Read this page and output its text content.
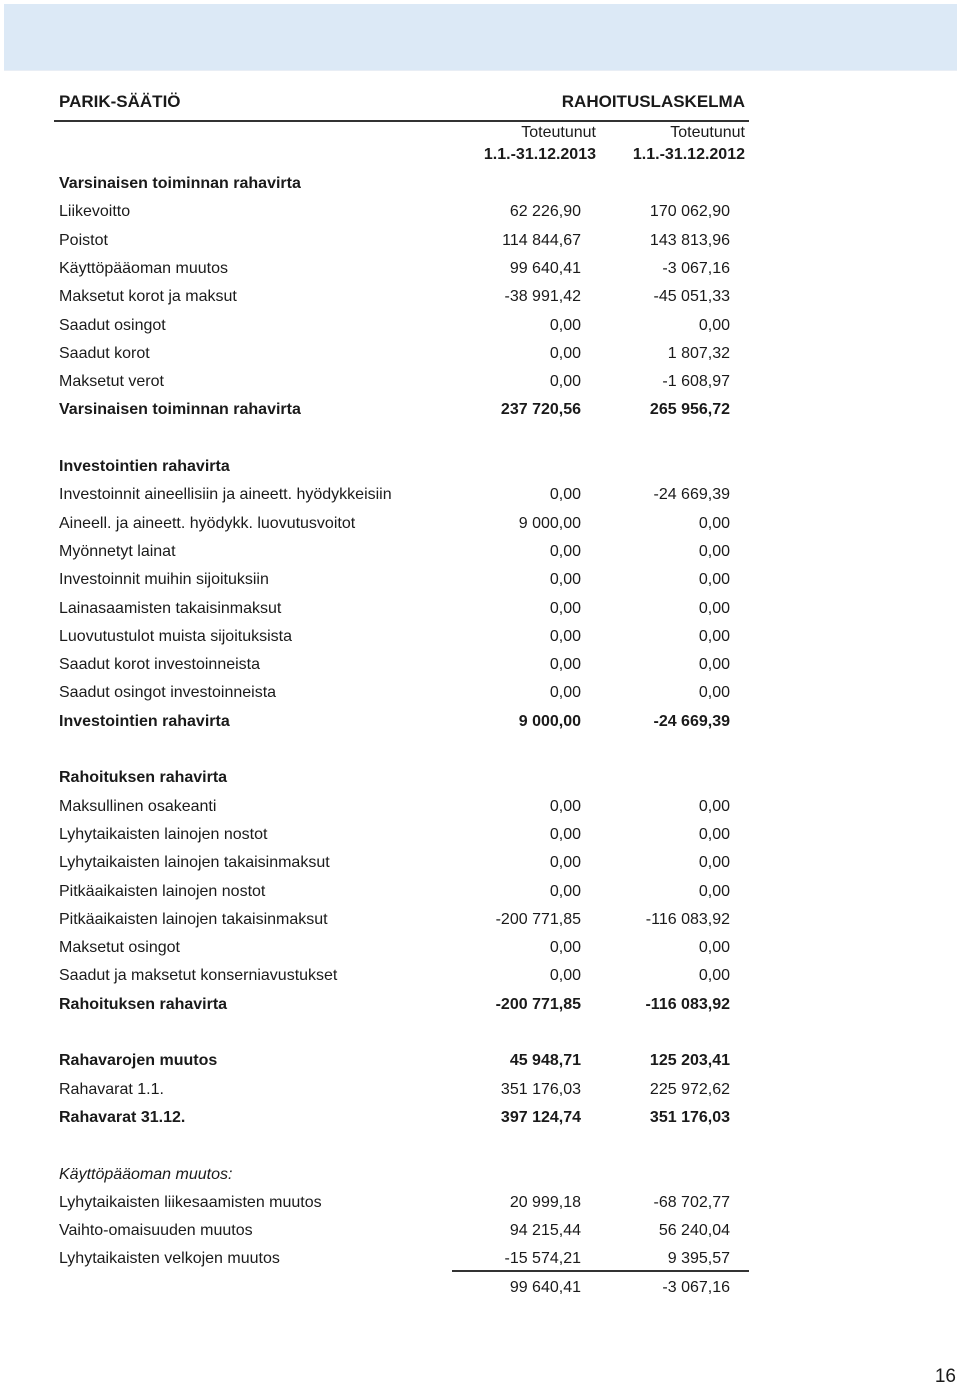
PARIK-SÄÄTIÖ	RAHOITUSLASKELMA
Toteutunut
1.1.-31.12.2013
Toteutunut
1.1.-31.12.2012
Varsinaisen toiminnan rahavirta
Liikevoitto	62 226,90	170 062,90
Poistot	114 844,67	143 813,96
Käyttöpääoman muutos	99 640,41	-3 067,16
Maksetut korot ja maksut	-38 991,42	-45 051,33
Saadut osingot	0,00	0,00
Saadut korot	0,00	1 807,32
Maksetut verot	0,00	-1 608,97
Varsinaisen toiminnan rahavirta	237 720,56	265 956,72
Investointien rahavirta
Investoinnit aineellisiin ja aineett. hyödykkeisiin	0,00	-24 669,39
Aineell. ja aineett. hyödykk. luovutusvoitot	9 000,00	0,00
Myönnetyt lainat	0,00	0,00
Investoinnit muihin sijoituksiin	0,00	0,00
Lainasaamisten takaisinmaksut	0,00	0,00
Luovutustulot muista sijoituksista	0,00	0,00
Saadut korot investoinneista	0,00	0,00
Saadut osingot investoinneista	0,00	0,00
Investointien rahavirta	9 000,00	-24 669,39
Rahoituksen rahavirta
Maksullinen osakeanti	0,00	0,00
Lyhytaikaisten lainojen nostot	0,00	0,00
Lyhytaikaisten lainojen takaisinmaksut	0,00	0,00
Pitkäaikaisten lainojen nostot	0,00	0,00
Pitkäaikaisten lainojen takaisinmaksut	-200 771,85	-116 083,92
Maksetut osingot	0,00	0,00
Saadut ja maksetut konserniavustukset	0,00	0,00
Rahoituksen rahavirta	-200 771,85	-116 083,92
Rahavarojen muutos	45 948,71	125 203,41
Rahavarat 1.1.	351 176,03	225 972,62
Rahavarat 31.12.	397 124,74	351 176,03
Käyttöpääoman muutos:
Lyhytaikaisten liikesaamisten muutos	20 999,18	-68 702,77
Vaihto-omaisuuden muutos	94 215,44	56 240,04
Lyhytaikaisten velkojen muutos	-15 574,21	9 395,57
99 640,41	-3 067,16
16
